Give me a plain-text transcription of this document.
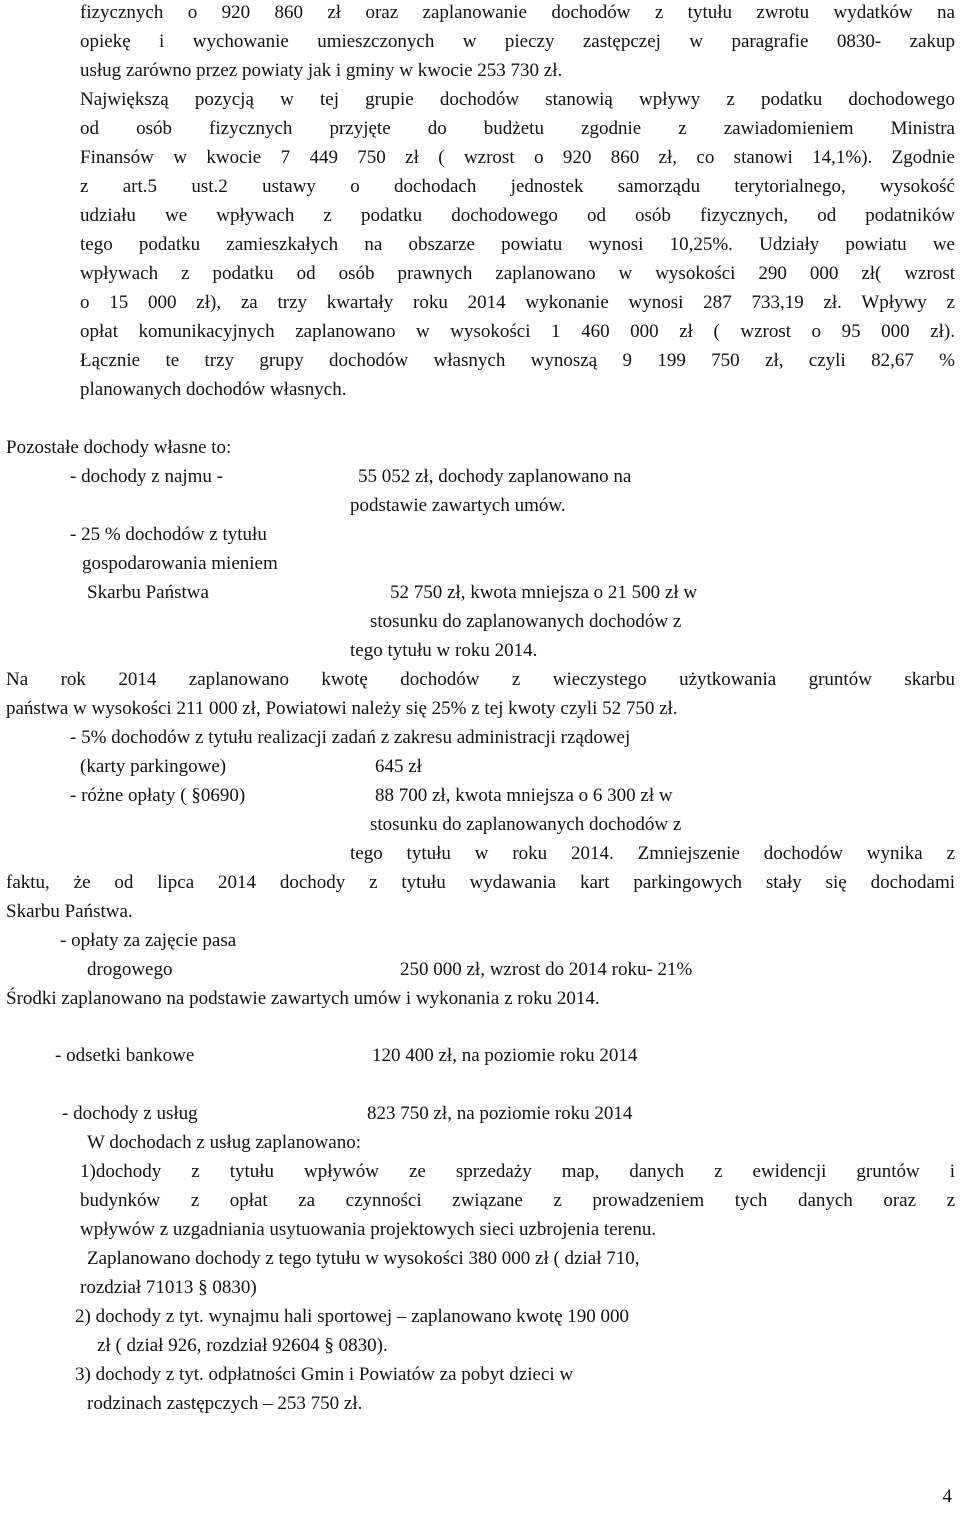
fizycznych o 920 860 zł oraz zaplanowanie dochodów z tytułu zwrotu wydatków na
opiekę i wychowanie umieszczonych w pieczy zastępczej w paragrafie 0830- zakup
usług zarówno przez powiaty jak i gminy w kwocie 253 730 zł.
Największą pozycją w tej grupie dochodów stanowią wpływy z podatku dochodowego
od osób fizycznych przyjęte do budżetu zgodnie z zawiadomieniem Ministra
Finansów w kwocie 7 449 750 zł ( wzrost o 920 860 zł, co stanowi 14,1%). Zgodnie
z art.5 ust.2 ustawy o dochodach jednostek samorządu terytorialnego, wysokość
udziału we wpływach z podatku dochodowego od osób fizycznych, od podatników
tego podatku zamieszkałych na obszarze powiatu wynosi 10,25%. Udziały powiatu we
wpływach z podatku od osób prawnych zaplanowano w wysokości 290 000 zł( wzrost
o 15 000 zł), za trzy kwartały roku 2014 wykonanie wynosi 287 733,19 zł. Wpływy z
opłat komunikacyjnych zaplanowano w wysokości 1 460 000 zł ( wzrost o 95 000 zł).
Łącznie te trzy grupy dochodów własnych wynoszą 9 199 750 zł, czyli 82,67 %
planowanych dochodów własnych.
Pozostałe dochody własne to:
- dochody z najmu -	55 052 zł, dochody zaplanowano na
podstawie zawartych umów.
- 25 % dochodów z tytułu
gospodarowania mieniem
Skarbu Państwa	52 750 zł, kwota mniejsza o 21 500 zł w
stosunku do zaplanowanych dochodów z
tego tytułu w roku 2014.
Na rok 2014 zaplanowano kwotę dochodów z wieczystego użytkowania gruntów skarbu
państwa w wysokości 211 000 zł, Powiatowi należy się 25% z tej kwoty czyli 52 750 zł.
- 5% dochodów z tytułu realizacji zadań z zakresu administracji rządowej
(karty parkingowe)	645 zł
- różne opłaty ( §0690)	88 700 zł, kwota mniejsza o 6 300 zł w
stosunku do zaplanowanych dochodów z
tego tytułu w roku 2014. Zmniejszenie dochodów wynika z
faktu, że od lipca 2014 dochody z tytułu wydawania kart parkingowych stały się dochodami
Skarbu Państwa.
- opłaty za zajęcie pasa
drogowego	250 000 zł, wzrost do 2014 roku- 21%
Środki zaplanowano na podstawie zawartych umów i wykonania z roku 2014.
- odsetki bankowe	120 400 zł, na poziomie roku 2014
- dochody z usług	823 750 zł, na poziomie roku 2014
W dochodach z usług zaplanowano:
1)dochody z tytułu wpływów ze sprzedaży map, danych z ewidencji gruntów i
budynków z opłat za czynności związane z prowadzeniem tych danych oraz z
wpływów z uzgadniania usytuowania projektowych sieci uzbrojenia terenu.
Zaplanowano dochody z tego tytułu w wysokości 380 000 zł ( dział 710,
rozdział 71013 § 0830)
2) dochody z tyt. wynajmu hali sportowej – zaplanowano kwotę 190 000
zł ( dział 926, rozdział 92604 § 0830).
3) dochody z tyt. odpłatności Gmin i Powiatów za pobyt dzieci w
rodzinach zastępczych – 253 750 zł.
4
